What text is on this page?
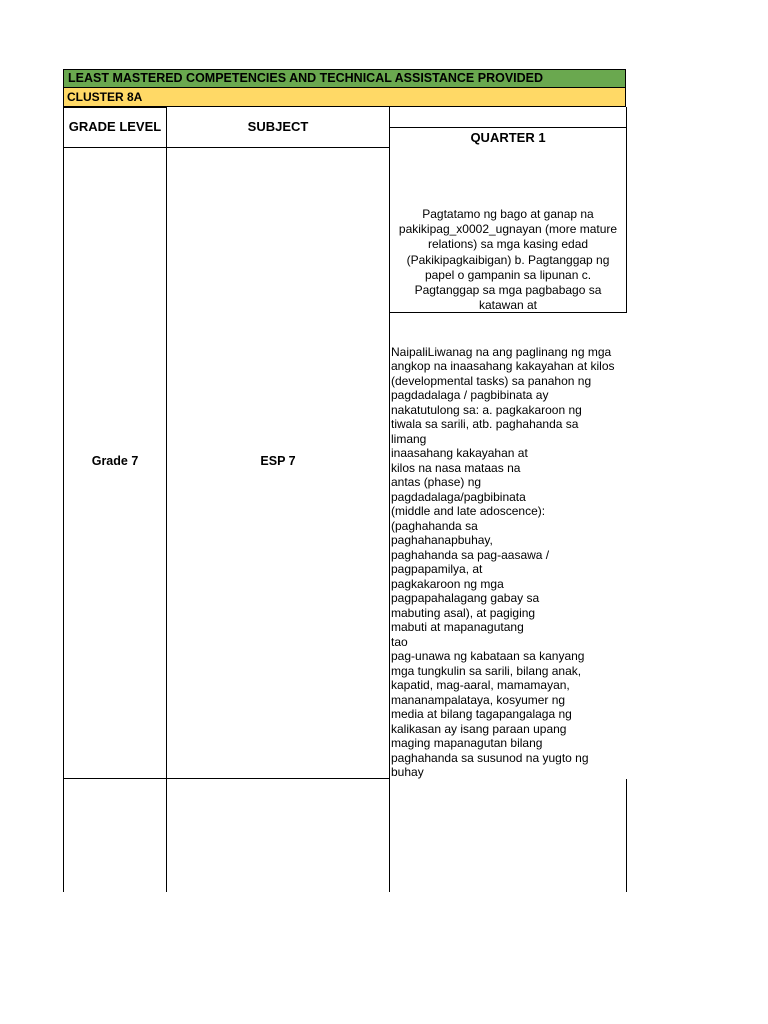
LEAST MASTERED COMPETENCIES AND TECHNICAL ASSISTANCE PROVIDED
CLUSTER 8A
GRADE LEVEL	SUBJECT
QUARTER 1
Grade 7	ESP 7
Pagtatamo ng bago at ganap na pakikipag_x0002_ugnayan (more mature relations) sa mga kasing edad (Pakikipagkaibigan) b. Pagtanggap ng papel o gampanin sa lipunan c. Pagtanggap sa mga pagbabago sa katawan at
NaipaliLiwanag na ang paglinang ng mga
angkop na inaasahang kakayahan at kilos
(developmental tasks) sa panahon ng
pagdadalaga / pagbibinata ay
nakatutulong sa: a. pagkakaroon ng
tiwala sa sarili, atb. paghahanda sa
limang
inaasahang kakayahan at
kilos na nasa mataas na
antas (phase) ng
pagdadalaga/pagbibinata
(middle and late adoscence):
(paghahanda sa
paghahanapbuhay,
paghahanda sa pag-aasawa /
pagpapamilya, at
pagkakaroon ng mga
pagpapahalagang gabay sa
mabuting asal), at pagiging
mabuti at mapanagutang
tao
pag-unawa ng kabataan sa kanyang
mga tungkulin sa sarili, bilang anak,
kapatid, mag-aaral, mamamayan,
mananampalataya, kosyumer ng
media at bilang tagapangalaga ng
kalikasan ay isang paraan upang
maging mapanagutan bilang
paghahanda sa susunod na yugto ng
buhay
